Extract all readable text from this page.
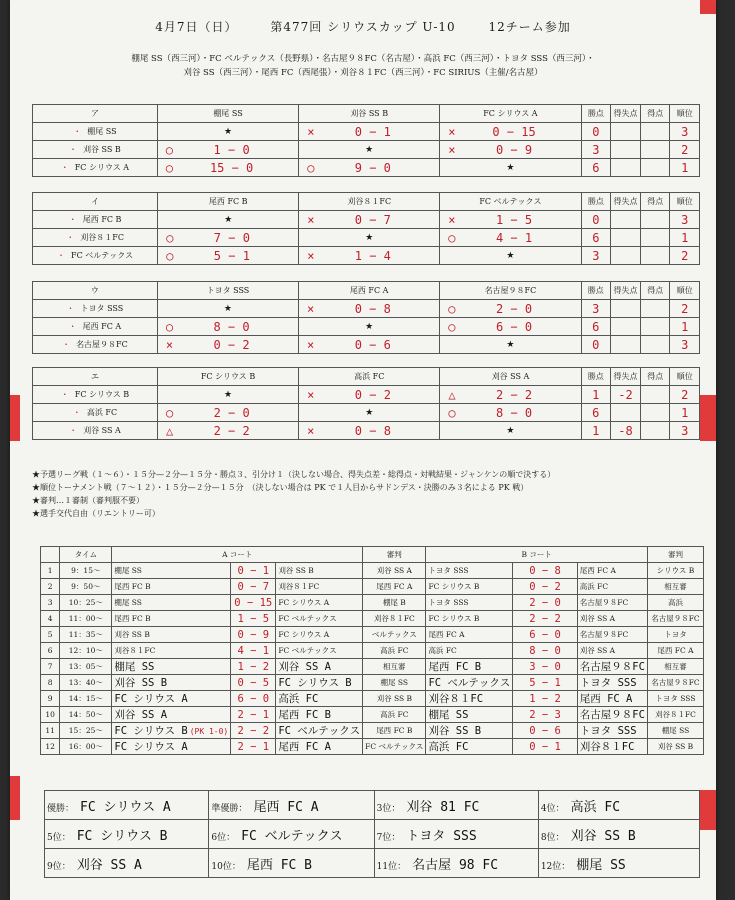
4月7日（日）	第477回 シリウスカップ U-10	12チーム参加
棚尾 SS（西三河）・FC ベルテックス（長野県）・名古屋９８FC（名古屋）・高浜 FC（西三河）・トヨタ SSS（西三河）・
刈谷 SS（西三河）・尾西 FC（西尾張）・刈谷８１FC（西三河）・FC SIRIUS（主催/名古屋）
ア	棚尾 SS	刈谷 SS B	FC シリウス A	勝点	得失点	得点	順位
・ 棚尾 SS	★	× 0 − 1	× 0 − 15	0			3
・ 刈谷 SS B	○ 1 − 0	★	× 0 − 9	3			2
・ FC シリウス A	○ 15 − 0	○ 9 − 0	★	6			1
イ	尾西 FC B	刈谷８１FC	FC ベルテックス	勝点	得失点	得点	順位
・ 尾西 FC B	★	× 0 − 7	× 1 − 5	0			3
・ 刈谷８１FC	○ 7 − 0	★	○ 4 − 1	6			1
・ FC ベルテックス	○ 5 − 1	× 1 − 4	★	3			2
ウ	トヨタ SSS	尾西 FC A	名古屋９８FC	勝点	得失点	得点	順位
・ トヨタ SSS	★	× 0 − 8	○ 2 − 0	3			2
・ 尾西 FC A	○ 8 − 0	★	○ 6 − 0	6			1
・ 名古屋９８FC	× 0 − 2	× 0 − 6	★	0			3
エ	FC シリウス B	高浜 FC	刈谷 SS A	勝点	得失点	得点	順位
・ FC シリウス B	★	× 0 − 2	△ 2 − 2	1	-2		2
・ 高浜 FC	○ 2 − 0	★	○ 8 − 0	6			1
・ 刈谷 SS A	△ 2 − 2	× 0 − 8	★	1	-8		3
★予選リーグ戦（１〜６）・１５分—２分—１５分・勝点３、引分け１（決しない場合、得失点差・総得点・対戦結果・ジャンケンの順で決する）
★順位トーナメント戦（７〜１２）・１５分—２分—１５分　（決しない場合は PK で１人目からサドンデス・決勝のみ３名による PK 戦）
★審判…１審制（審判服不要）
★選手交代自由（リエントリー可）
	タイム	A コート			審判	B コート			審判
1	9：15〜	棚尾 SS	0 − 1	刈谷 SS B	刈谷 SS A	トヨタ SSS	0 − 8	尾西 FC A	シリウス B
2	9：50〜	尾西 FC B	0 − 7	刈谷８１FC	尾西 FC A	FC シリウス B	0 − 2	高浜 FC	相互審
3	10：25〜	棚尾 SS	0 − 15	FC シリウス A	棚尾 B	トヨタ SSS	2 − 0	名古屋９８FC	高浜
4	11：00〜	尾西 FC B	1 − 5	FC ベルテックス	刈谷８１FC	FC シリウス B	2 − 2	刈谷 SS A	名古屋９８FC
5	11：35〜	刈谷 SS B	0 − 9	FC シリウス A	ベルテックス	尾西 FC A	6 − 0	名古屋９８FC	トヨタ
6	12：10〜	刈谷８１FC	4 − 1	FC ベルテックス	高浜 FC	高浜 FC	8 − 0	刈谷 SS A	尾西 FC A
7	13：05〜	棚尾 SS	1 − 2	刈谷 SS A	相互審	尾西 FC B	3 − 0	名古屋９８FC	相互審
8	13：40〜	刈谷 SS B	0 − 5	FC シリウス B	棚尾 SS	FC ベルテックス	5 − 1	トヨタ SSS	名古屋９８FC
9	14：15〜	FC シリウス A	6 − 0	高浜 FC	刈谷 SS B	刈谷８１FC	1 − 2	尾西 FC A	トヨタ SSS
10	14：50〜	刈谷 SS A	2 − 1	尾西 FC B	高浜 FC	棚尾 SS	2 − 3	名古屋９８FC	刈谷８１FC
11	15：25〜	FC シリウス B (PK 1-0)	2 − 2	FC ベルテックス	尾西 FC B	刈谷 SS B	0 − 6	トヨタ SSS	棚尾 SS
12	16：00〜	FC シリウス A	2 − 1	尾西 FC A	FC ベルテックス	高浜 FC	0 − 1	刈谷８１FC	刈谷 SS B
優勝： FC シリウス A	準優勝： 尾西 FC A	3位： 刈谷 81 FC	4位： 高浜 FC
5位： FC シリウス B	6位： FC ベルテックス	7位： トヨタ SSS	8位： 刈谷 SS B
9位： 刈谷 SS A	10位： 尾西 FC B	11位： 名古屋 98 FC	12位： 棚尾 SS
